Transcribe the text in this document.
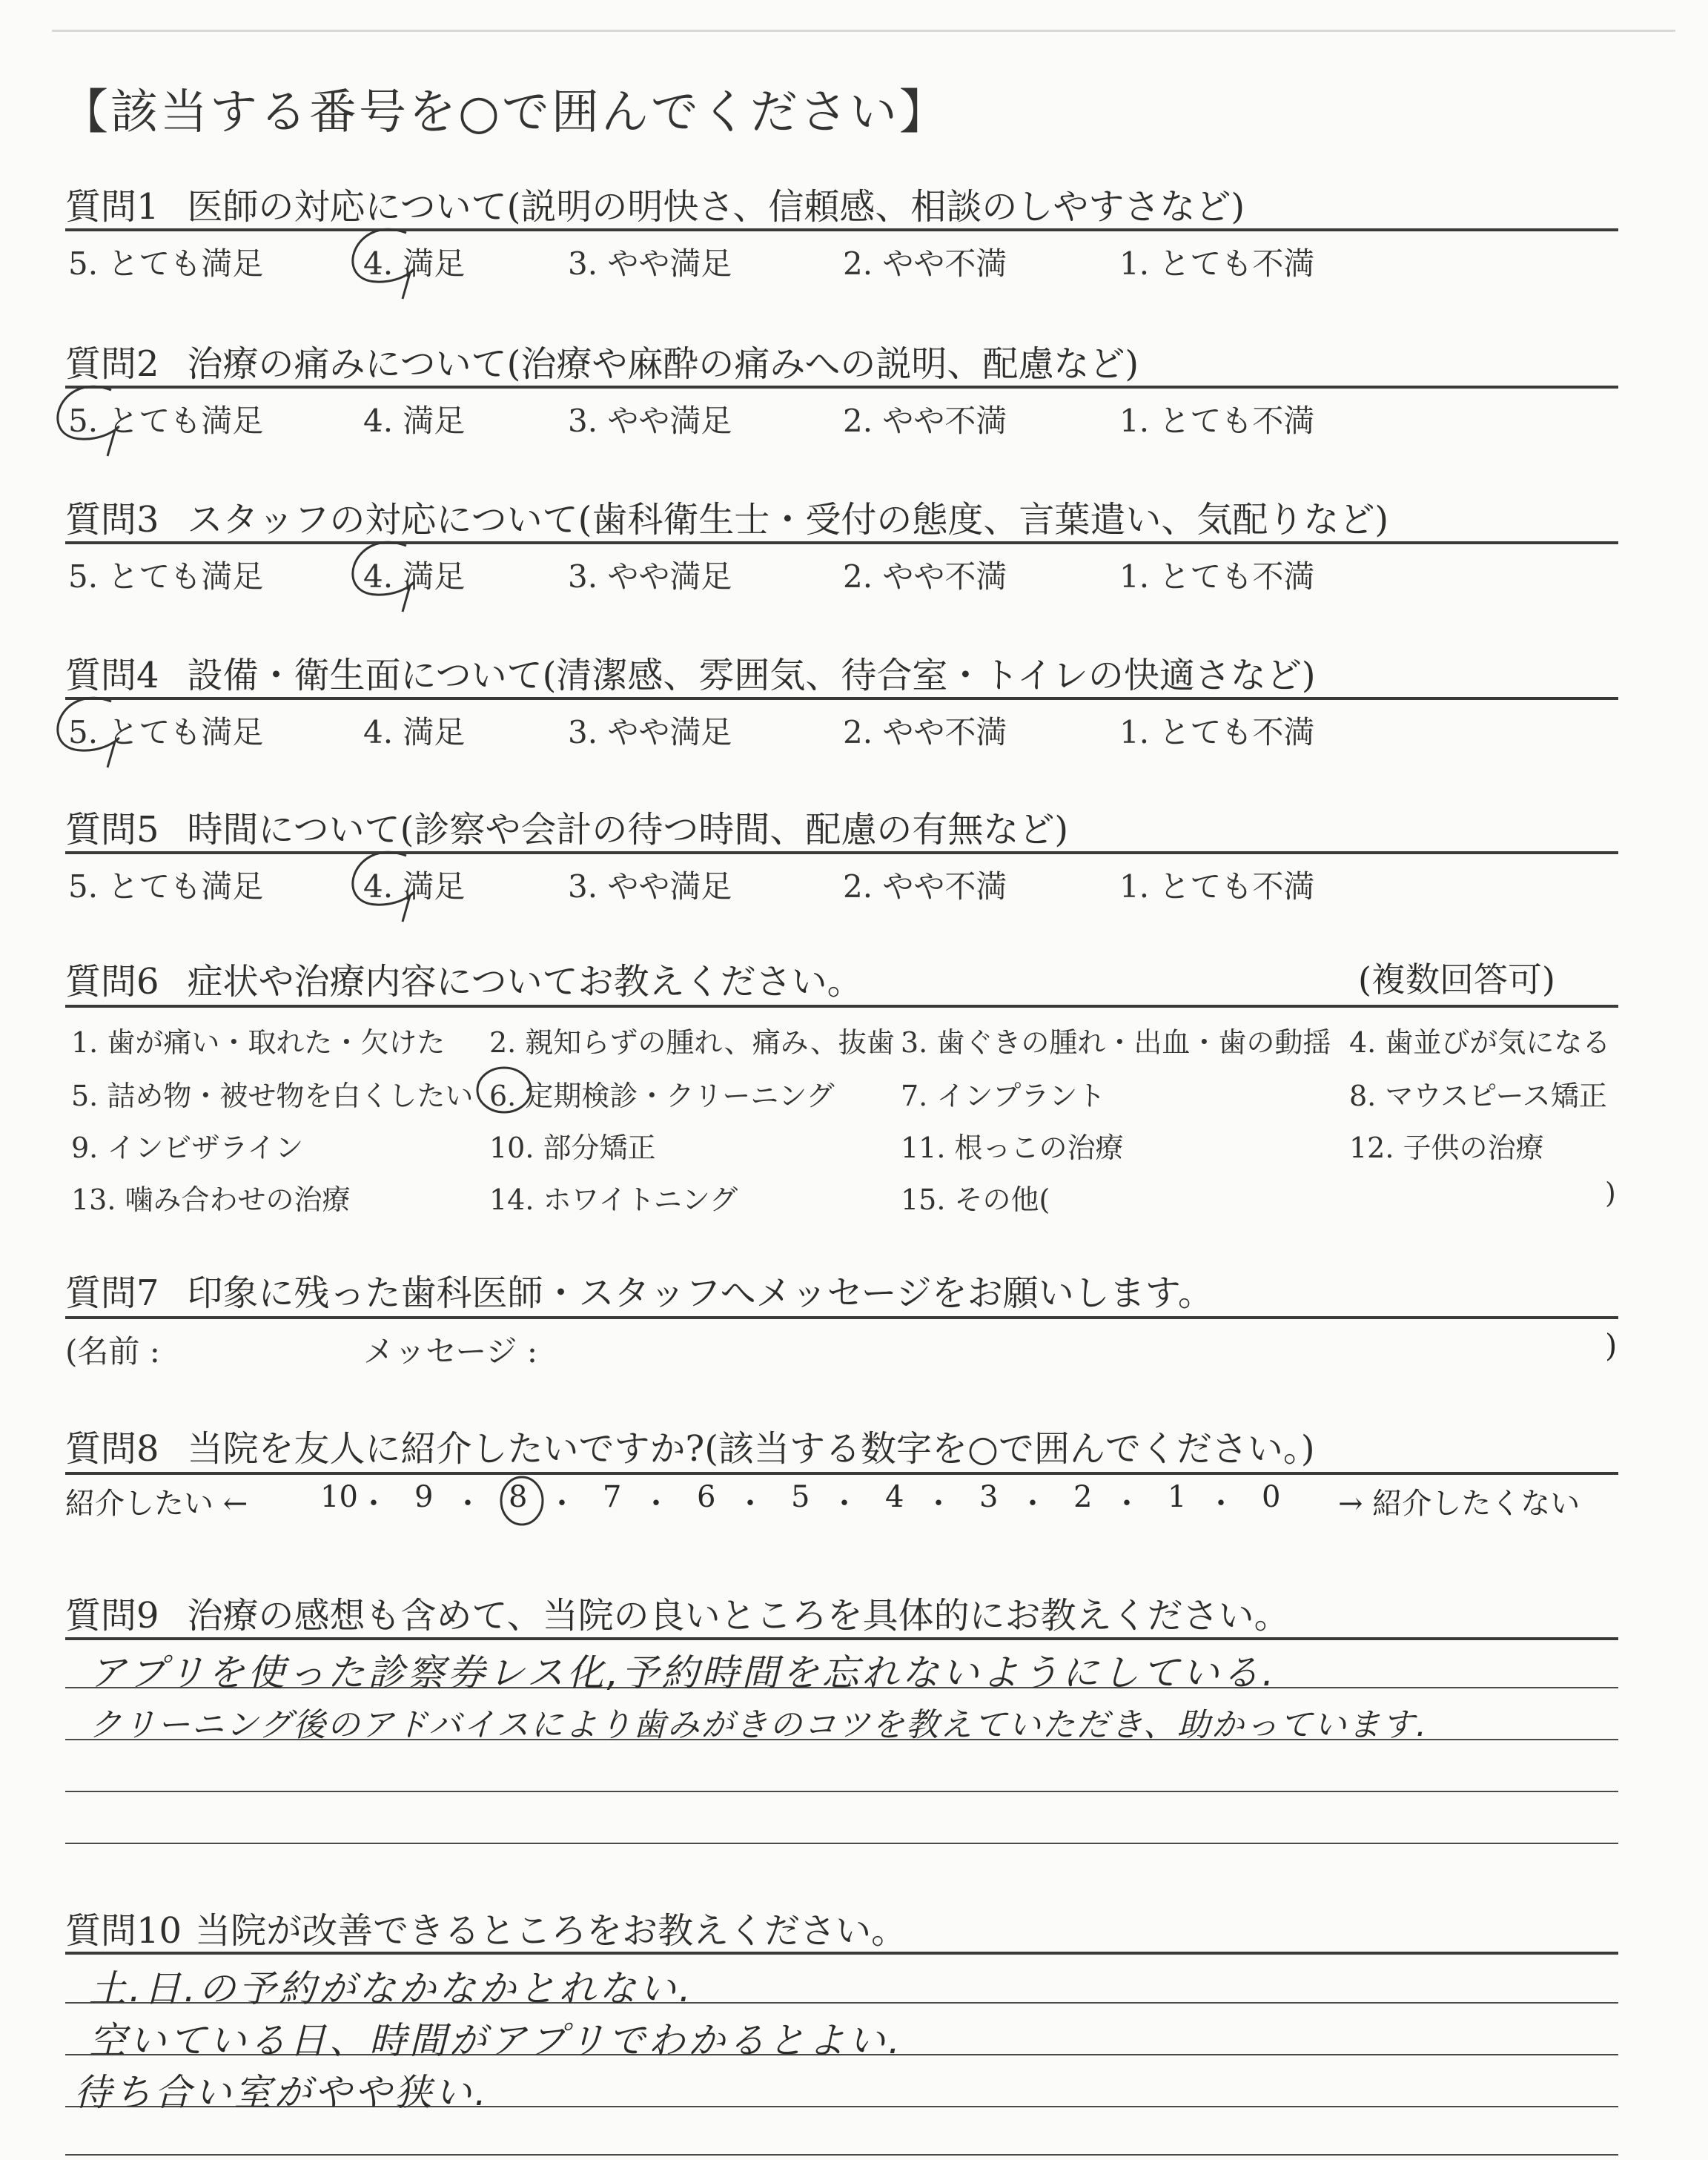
【該当する番号を○で囲んでください】
質問1 医師の対応について(説明の明快さ、信頼感、相談のしやすさなど)
5. とても満足	4. 満足	3. やや満足	2. やや不満	1. とても不満
質問2 治療の痛みについて(治療や麻酔の痛みへの説明、配慮など)
5. とても満足	4. 満足	3. やや満足	2. やや不満	1. とても不満
質問3 スタッフの対応について(歯科衛生士・受付の態度、言葉遣い、気配りなど)
5. とても満足	4. 満足	3. やや満足	2. やや不満	1. とても不満
質問4 設備・衛生面について(清潔感、雰囲気、待合室・トイレの快適さなど)
5. とても満足	4. 満足	3. やや満足	2. やや不満	1. とても不満
質問5 時間について(診察や会計の待つ時間、配慮の有無など)
5. とても満足	4. 満足	3. やや満足	2. やや不満	1. とても不満
質問6 症状や治療内容についてお教えください。	(複数回答可)
1. 歯が痛い・取れた・欠けた 2. 親知らずの腫れ、痛み、抜歯 3. 歯ぐきの腫れ・出血・歯の動揺 4. 歯並びが気になる
5. 詰め物・被せ物を白くしたい 6. 定期検診・クリーニング 7. インプラント	8. マウスピース矯正
9. インビザライン	10. 部分矯正	11. 根っこの治療	12. 子供の治療
13. 噛み合わせの治療	14. ホワイトニング	15. その他(	)
質問7 印象に残った歯科医師・スタッフへメッセージをお願いします。
(名前 :	メッセージ :	)
質問8 当院を友人に紹介したいですか?(該当する数字を○で囲んでください。)
紹介したい ←	→ 紹介したくない
10 ・ 9 ・ 8 ・ 7 ・ 6 ・ 5 ・ 4 ・ 3 ・ 2 ・ 1 ・ 0
質問9 治療の感想も含めて、当院の良いところを具体的にお教えください。
アプリを使った診察券レス化,予約時間を忘れないようにしている.
クリーニング後のアドバイスにより歯みがきのコツを教えていただき、助かっています.
質問10 当院が改善できるところをお教えください。
土.日.の予約がなかなかとれない.
空いている日、時間がアプリでわかるとよい.
待ち合い室がやや狭い.
